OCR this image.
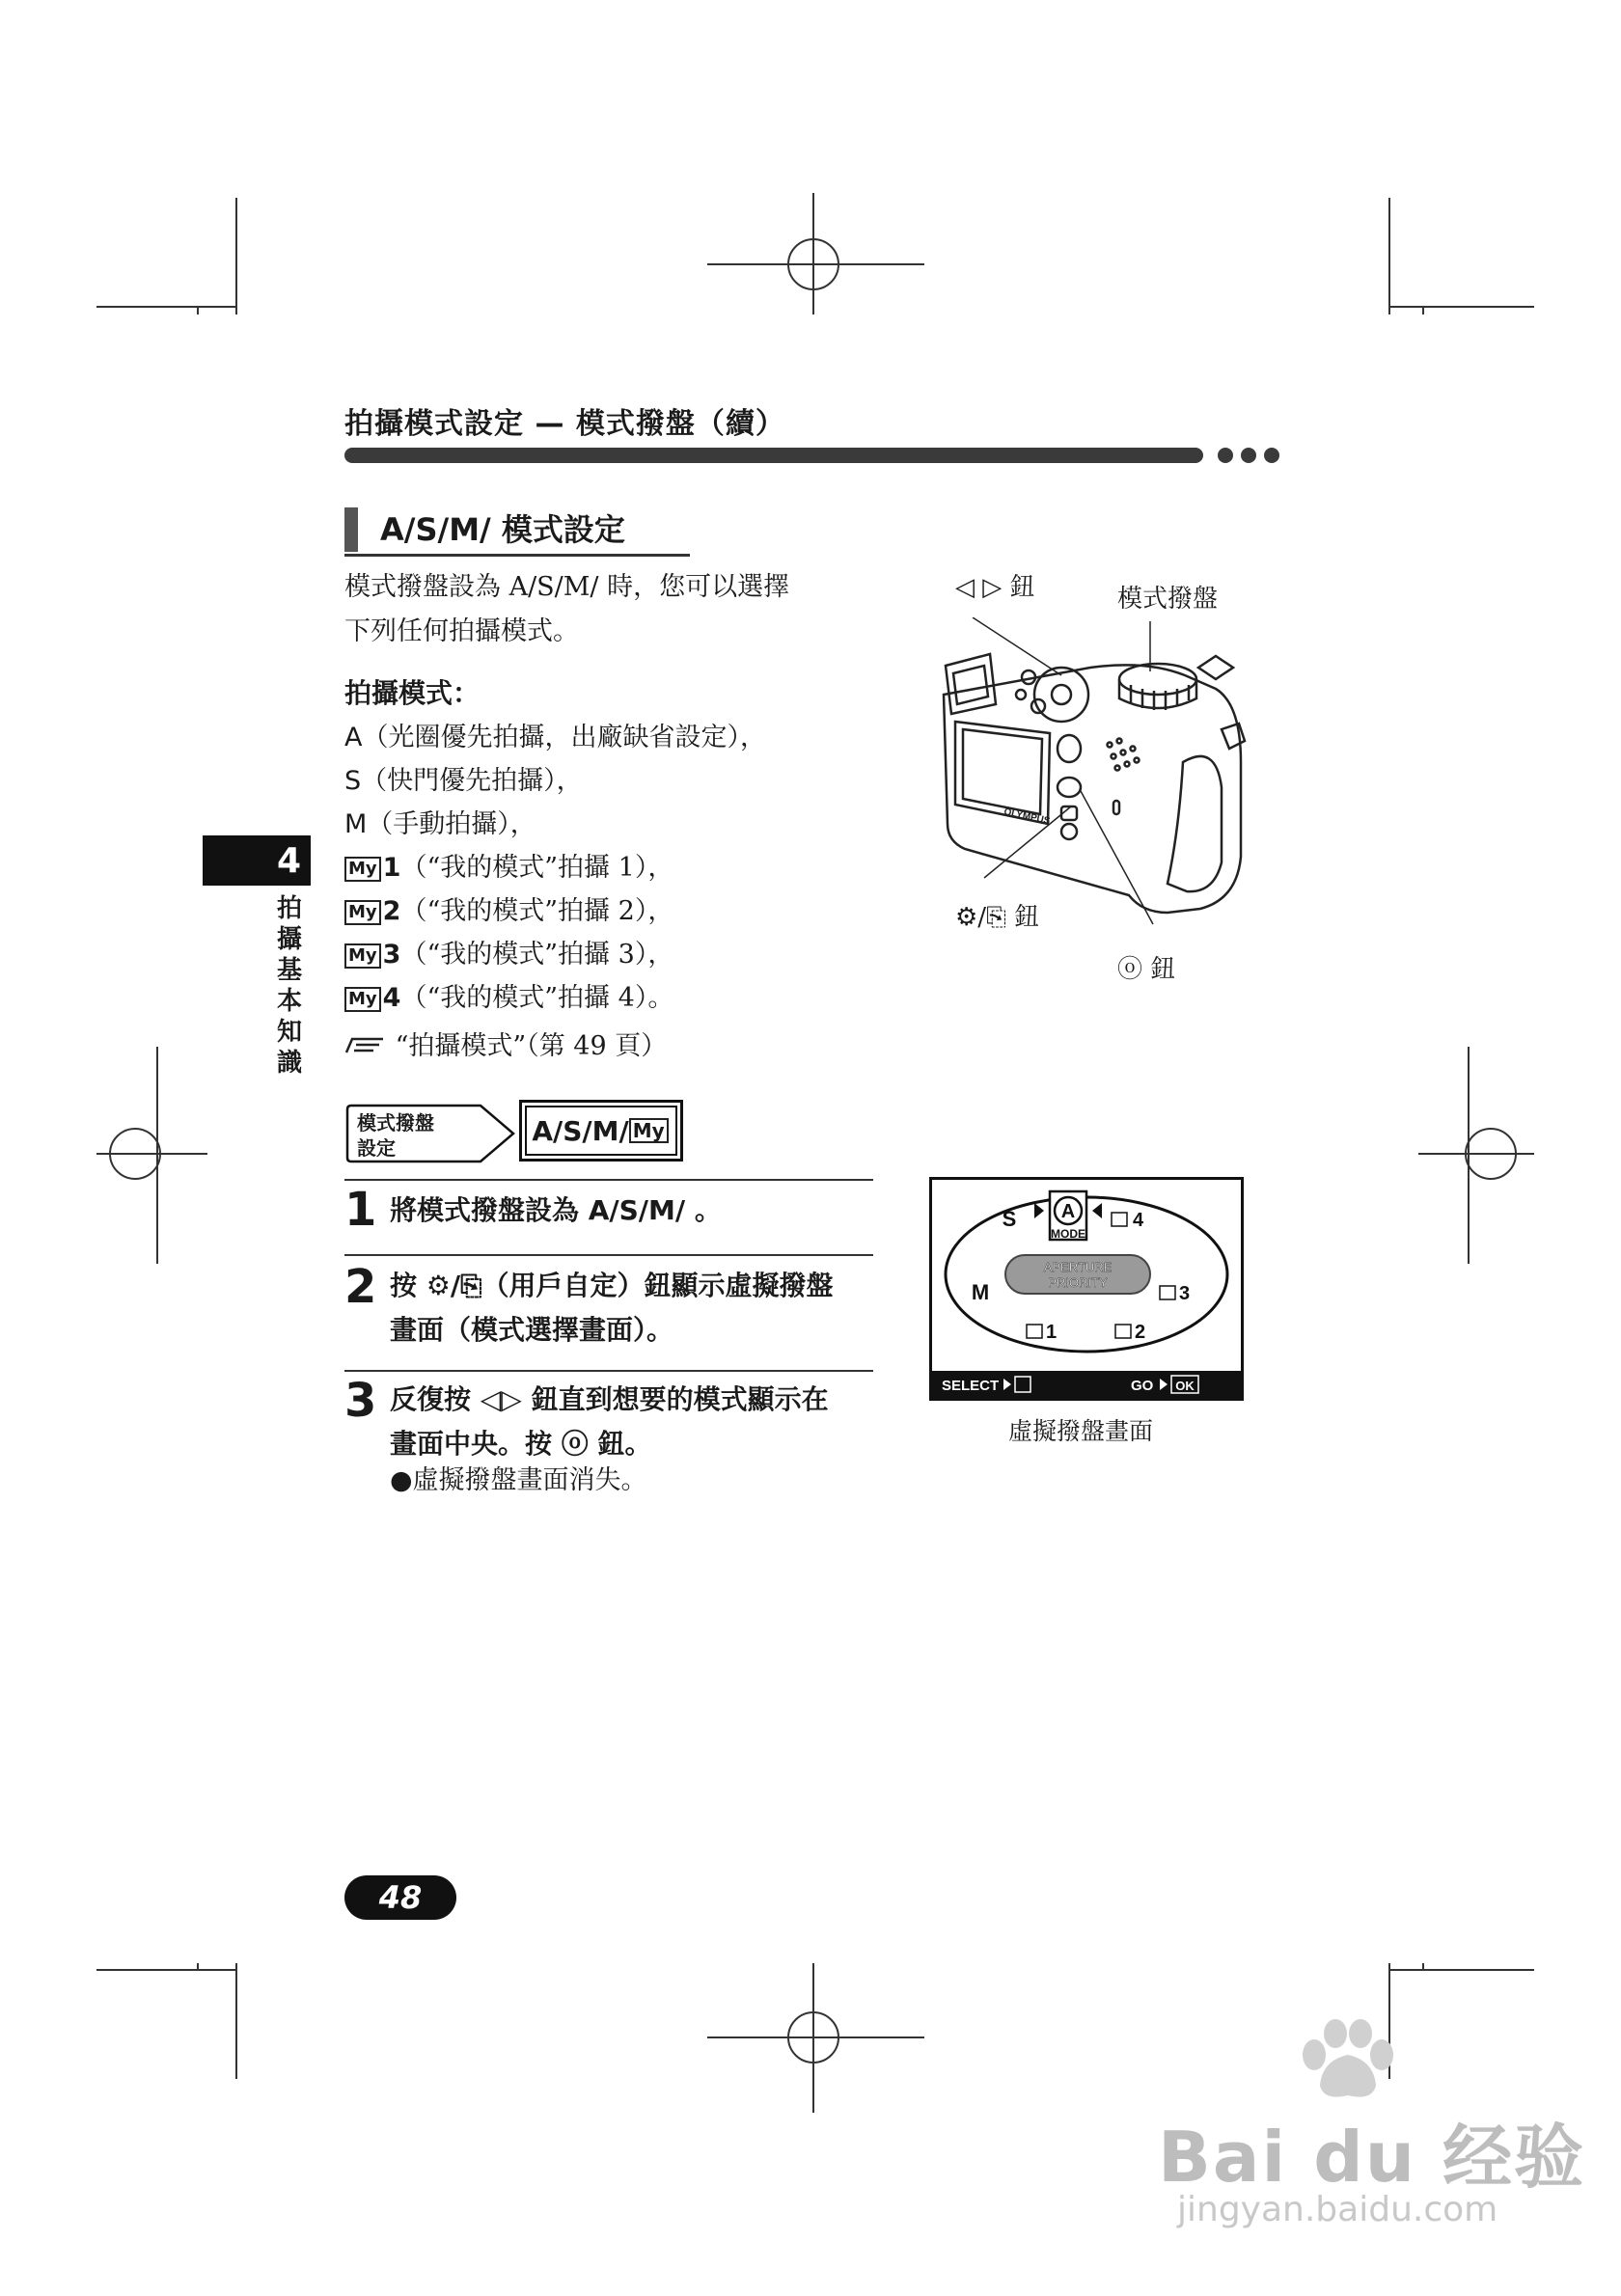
拍攝模式設定 — 模式撥盤（續）
A/S/M/ 模式設定
模式撥盤設為 A/S/M/ 時，您可以選擇
下列任何拍攝模式。
拍攝模式：
A（光圈優先拍攝，出廠缺省設定），
S（快門優先拍攝），
M（手動拍攝），
My 1（“我的模式”拍攝 1），
My 2（“我的模式”拍攝 2），
My 3（“我的模式”拍攝 3），
My 4（“我的模式”拍攝 4）。
“拍攝模式”（第 49 頁）
模式撥盤
設定
A/S/M/ My
1 將模式撥盤設為 A/S/M/ 。
2 按 ⚙/⎘（用戶自定）鈕顯示虛擬撥盤
畫面（模式選擇畫面）。
3 反復按 ◁▷ 鈕直到想要的模式顯示在
畫面中央。按 ⓞ 鈕。
●虛擬撥盤畫面消失。
4
拍
攝
基
本
知
識
OLYMPUS
◁ ▷ 鈕	模式撥盤
⚙/⎘ 鈕
ⓞ 鈕
A
MODE
S	4
M
APERTURE
PRIORITY
3
1	2
SELECT	GO OK
虛擬撥盤畫面
48
Bai du 经验
jingyan.baidu.com
